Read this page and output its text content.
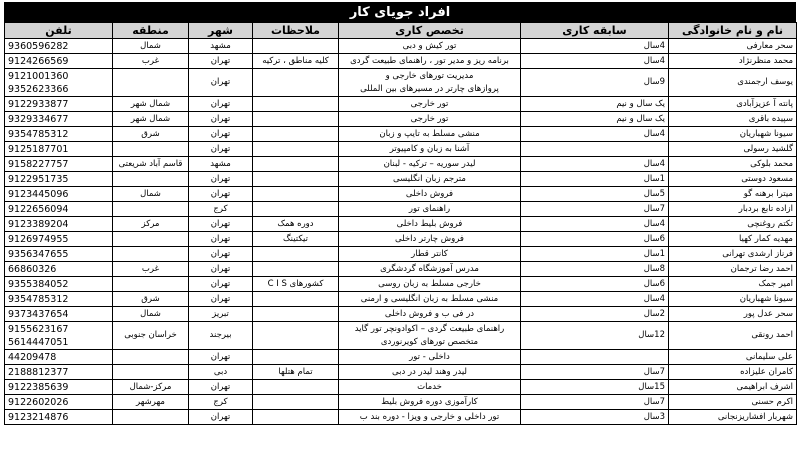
افراد جویای کار
نام و نام خانوادگی	سابقه کاری	تخصص کاری	ملاحظات	شهر	منطقه	تلفن
سحر معارفی	4سال	تور کیش و دبی		مشهد	شمال	9360596282

محمد منظرنژاد	4سال	برنامه ریز و مدیر تور ، راهنمای طبیعت گردی	کلیه مناطق ، ترکیه	تهران	غرب	9124266569

یوسف ارجمندی	9سال	مدیریت تورهای خارجی و
پروازهای چارتر در مسیرهای بین المللی		تهران		9121001360
9352623366

پانته آ عزیزآبادی	یک سال و نیم	تور خارجی		تهران	شمال شهر	9122933877

سپیده باقری	یک سال و نیم	تور خارجی		تهران	شمال شهر	9329334677

سیونا شهباریان	4سال	منشی مسلط به تایپ و زبان		تهران	شرق	9354785312

گلشید رسولی		آشنا به زبان و کامپیوتر		تهران		9125187701

محمد بلوکی	4سال	لیدر سوریه – ترکیه - لبنان		مشهد	قاسم آباد شریعتی	9158227757

مسعود دوستی	1سال	مترجم زبان انگلیسی		تهران		9122951735

میترا برهنه گو	5سال	فروش داخلی		تهران	شمال	9123445096

ازاده تابع بردبار	7سال	راهنمای تور		کرج		9122656094

تکتم روغنچی	4سال	فروش بلیط داخلی	دوره همک	تهران	مرکز	9123389204

مهدیه کمار کهیا	6سال	فروش چارتر داخلی	تیکتینگ	تهران		9126974955

فرناز ارشدی تهرانی	1سال	کانتر قطار		تهران		9356347655

احمد رضا ترجمان	8سال	مدرس آموزشگاه گردشگری		تهران	غرب	66860326

امیر جمک	6سال	خارجی مسلط به زبان روسی	کشورهای C I S	تهران		9355384052

سیونا شهباریان	4سال	منشی مسلط به زبان انگلیسی و ارمنی		تهران	شرق	9354785312

سحر عدل پور	2سال	در فی ب و فروش داخلی		تبریز	شمال	9373437654

احمد رونقی	12سال	راهنمای طبیعت گردی – اکوادونچر تور گاید
متخصص تورهای کویرنوردی		بیرجند	خراسان جنوبی	9155623167
5614447051

علی سلیمانی		داخلی - تور		تهران		44209478

کامران علیزاده	7سال	لیدر وهند لیدر در دبی	تمام هتلها	دبی		2188812377

اشرف ابراهیمی	15سال	خدمات		تهران	مرکز-شمال	9122385639

اکرم حسنی	7سال	کارآموزی دوره فروش بلیط		کرج	مهرشهر	9122602026

شهربار افشاریزنجانی	3سال	تور داخلی و خارجی و ویزا - دوره بند ب		تهران		9123214876
